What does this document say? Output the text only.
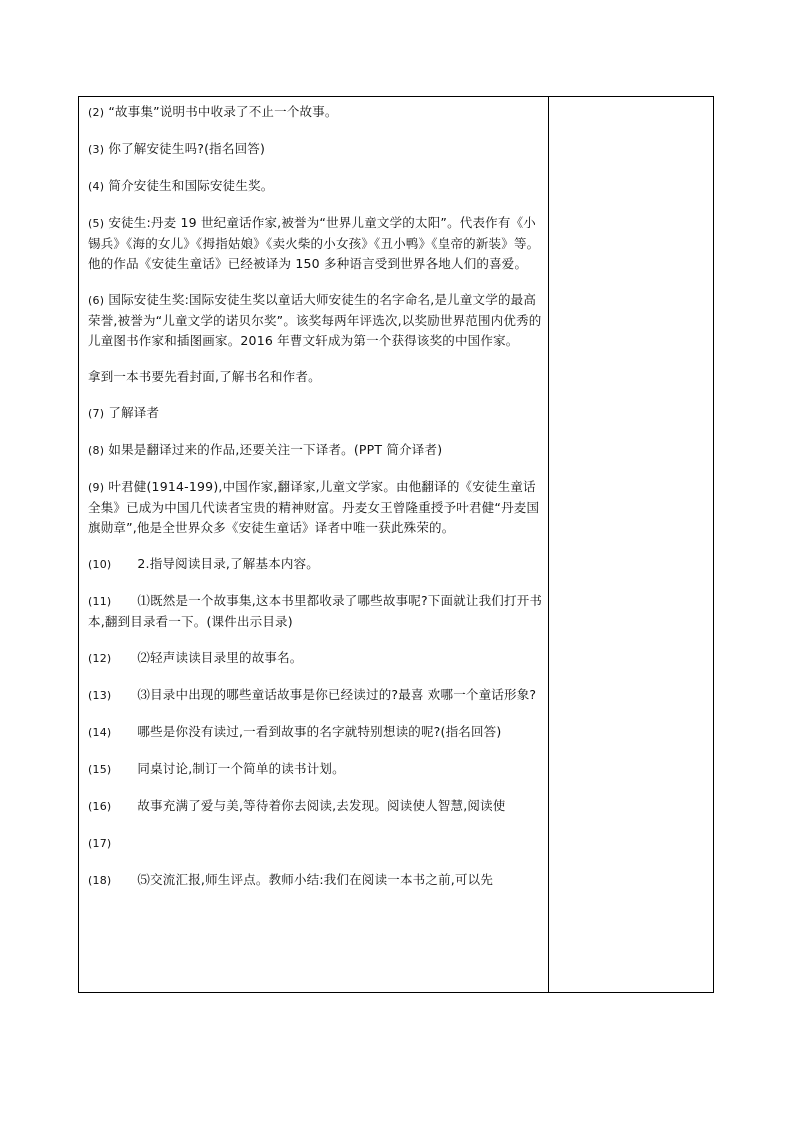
(2) “故事集”说明书中收录了不止一个故事。

(3) 你了解安徒生吗?(指名回答)

(4) 简介安徒生和国际安徒生奖。

(5) 安徒生:丹麦 19 世纪童话作家,被誉为“世界儿童文学的太阳”。代表作有《小锡兵》《海的女儿》《拇指姑娘》《卖火柴的小女孩》《丑小鸭》《皇帝的新装》等。他的作品《安徒生童话》已经被译为 150 多种语言受到世界各地人们的喜爱。

(6) 国际安徒生奖:国际安徒生奖以童话大师安徒生的名字命名,是儿童文学的最高荣誉,被誉为“儿童文学的诺贝尔奖”。该奖每两年评选次,以奖励世界范围内优秀的儿童图书作家和插图画家。2016 年曹文轩成为第一个获得该奖的中国作家。

拿到一本书要先看封面,了解书名和作者。

(7) 了解译者

(8) 如果是翻译过来的作品,还要关注一下译者。(PPT 简介译者)

(9) 叶君健(1914-199),中国作家,翻译家,儿童文学家。由他翻译的《安徒生童话全集》已成为中国几代读者宝贵的精神财富。丹麦女王曾隆重授予叶君健“丹麦国旗勋章”,他是全世界众多《安徒生童话》译者中唯一获此殊荣的。

(10) 2.指导阅读目录,了解基本内容。

(11) ⑴既然是一个故事集,这本书里都收录了哪些故事呢?下面就让我们打开书本,翻到目录看一下。(课件出示目录)

(12) ⑵轻声读读目录里的故事名。

(13) ⑶目录中出现的哪些童话故事是你已经读过的?最喜 欢哪一个童话形象?

(14) 哪些是你没有读过,一看到故事的名字就特别想读的呢?(指名回答)

(15) 同桌讨论,制订一个简单的读书计划。

(16) 故事充满了爱与美,等待着你去阅读,去发现。阅读使人智慧,阅读使

(17)

(18) ⑸交流汇报,师生评点。教师小结:我们在阅读一本书之前,可以先
